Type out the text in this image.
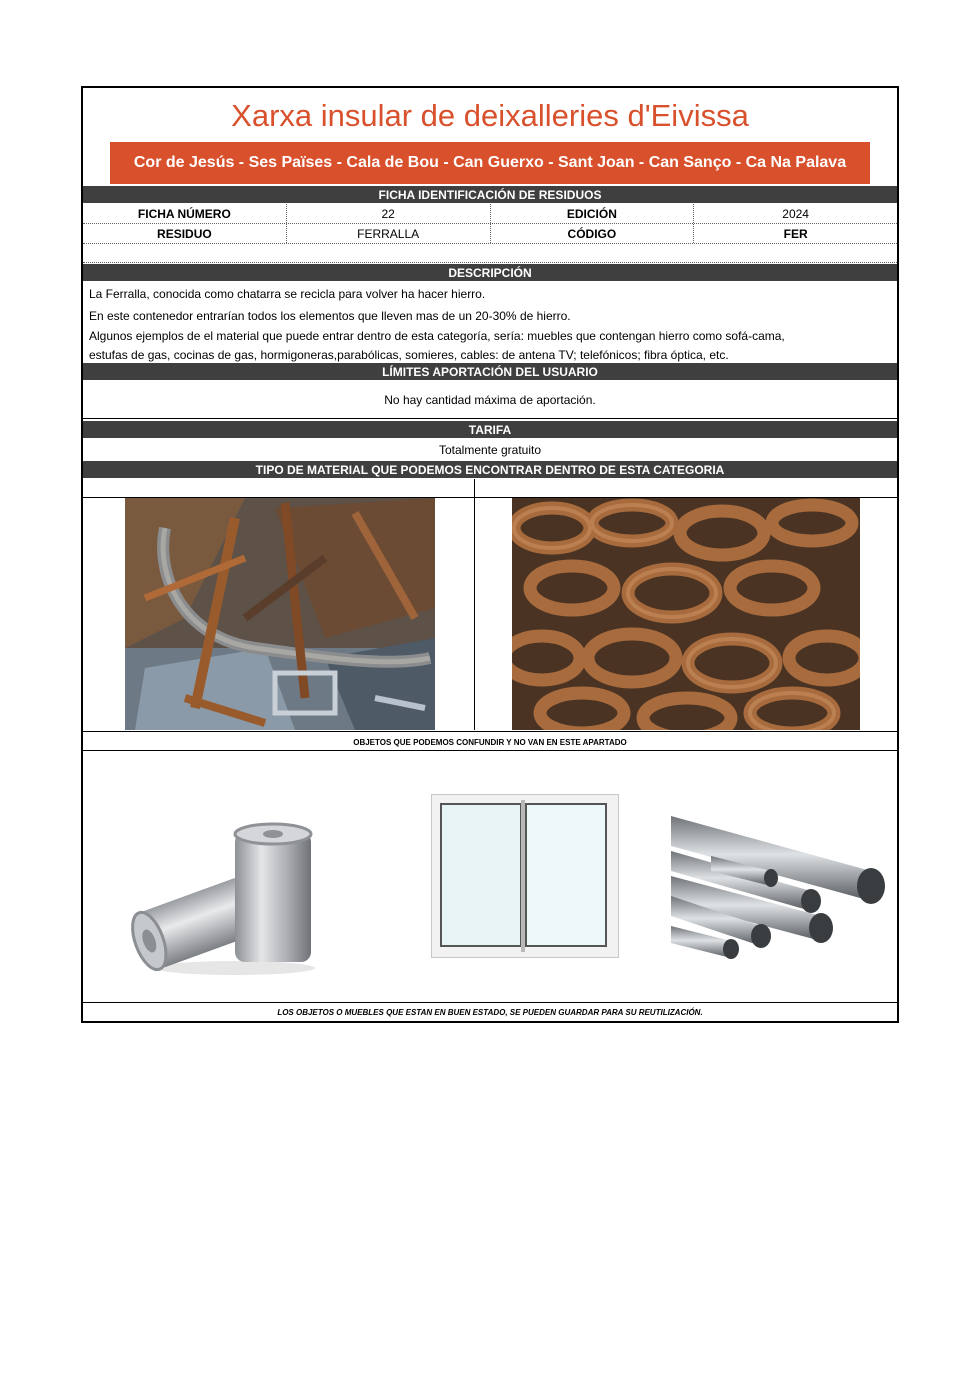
Xarxa insular de deixalleries d'Eivissa
Cor de Jesús - Ses Païses - Cala de Bou - Can Guerxo - Sant Joan - Can Sanço - Ca Na Palava
FICHA IDENTIFICACIÓN DE RESIDUOS
FICHA NÚMERO	22	EDICIÓN	2024
RESIDUO	FERRALLA	CÓDIGO	FER
DESCRIPCIÓN
La Ferralla, conocida como chatarra se recicla para volver ha hacer hierro.
En este contenedor entrarían todos los elementos que lleven mas de un 20-30% de hierro.
Algunos ejemplos de el material que puede entrar dentro de esta categoría, sería: muebles que contengan hierro como sofá-cama,
estufas de gas, cocinas de gas, hormigoneras,parabólicas, somieres, cables: de antena TV; telefónicos; fibra óptica, etc.
LÍMITES APORTACIÓN DEL USUARIO
No hay cantidad máxima de aportación.
TARIFA
Totalmente gratuito
TIPO DE MATERIAL QUE PODEMOS ENCONTRAR DENTRO DE ESTA CATEGORIA
OBJETOS QUE PODEMOS CONFUNDIR Y NO VAN EN ESTE APARTADO
LOS OBJETOS O MUEBLES QUE ESTAN EN BUEN ESTADO, SE PUEDEN GUARDAR PARA SU REUTILIZACIÓN.
